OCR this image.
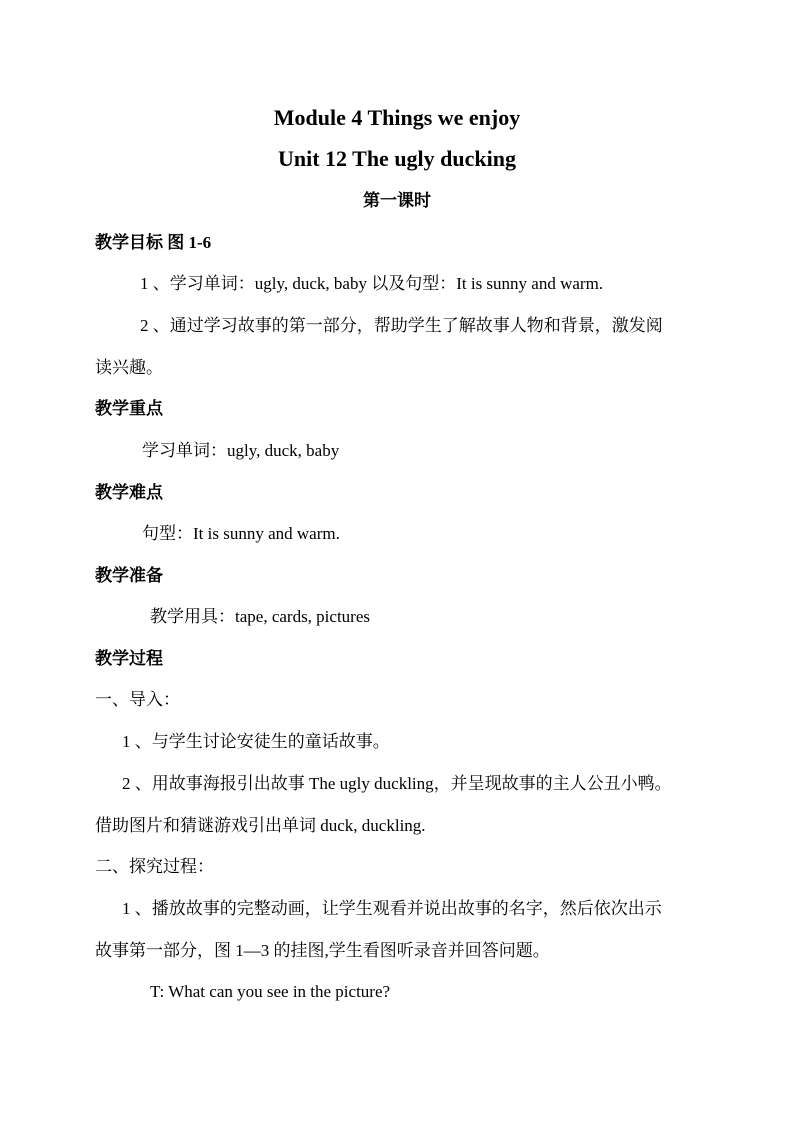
Module 4 Things we enjoy
Unit 12 The ugly ducking
第一课时
教学目标 图 1-6
1 、学习单词：ugly, duck, baby 以及句型：It is sunny and warm.
2 、通过学习故事的第一部分，帮助学生了解故事人物和背景，激发阅
读兴趣。
教学重点
学习单词：ugly, duck, baby
教学难点
句型：It is sunny and warm.
教学准备
教学用具：tape, cards, pictures
教学过程
一、导入：
1 、与学生讨论安徒生的童话故事。
2 、用故事海报引出故事 The ugly duckling，并呈现故事的主人公丑小鸭。
借助图片和猜谜游戏引出单词 duck, duckling.
二、探究过程：
1 、播放故事的完整动画，让学生观看并说出故事的名字，然后依次出示
故事第一部分，图 1—3 的挂图,学生看图听录音并回答问题。
T: What can you see in the picture?
